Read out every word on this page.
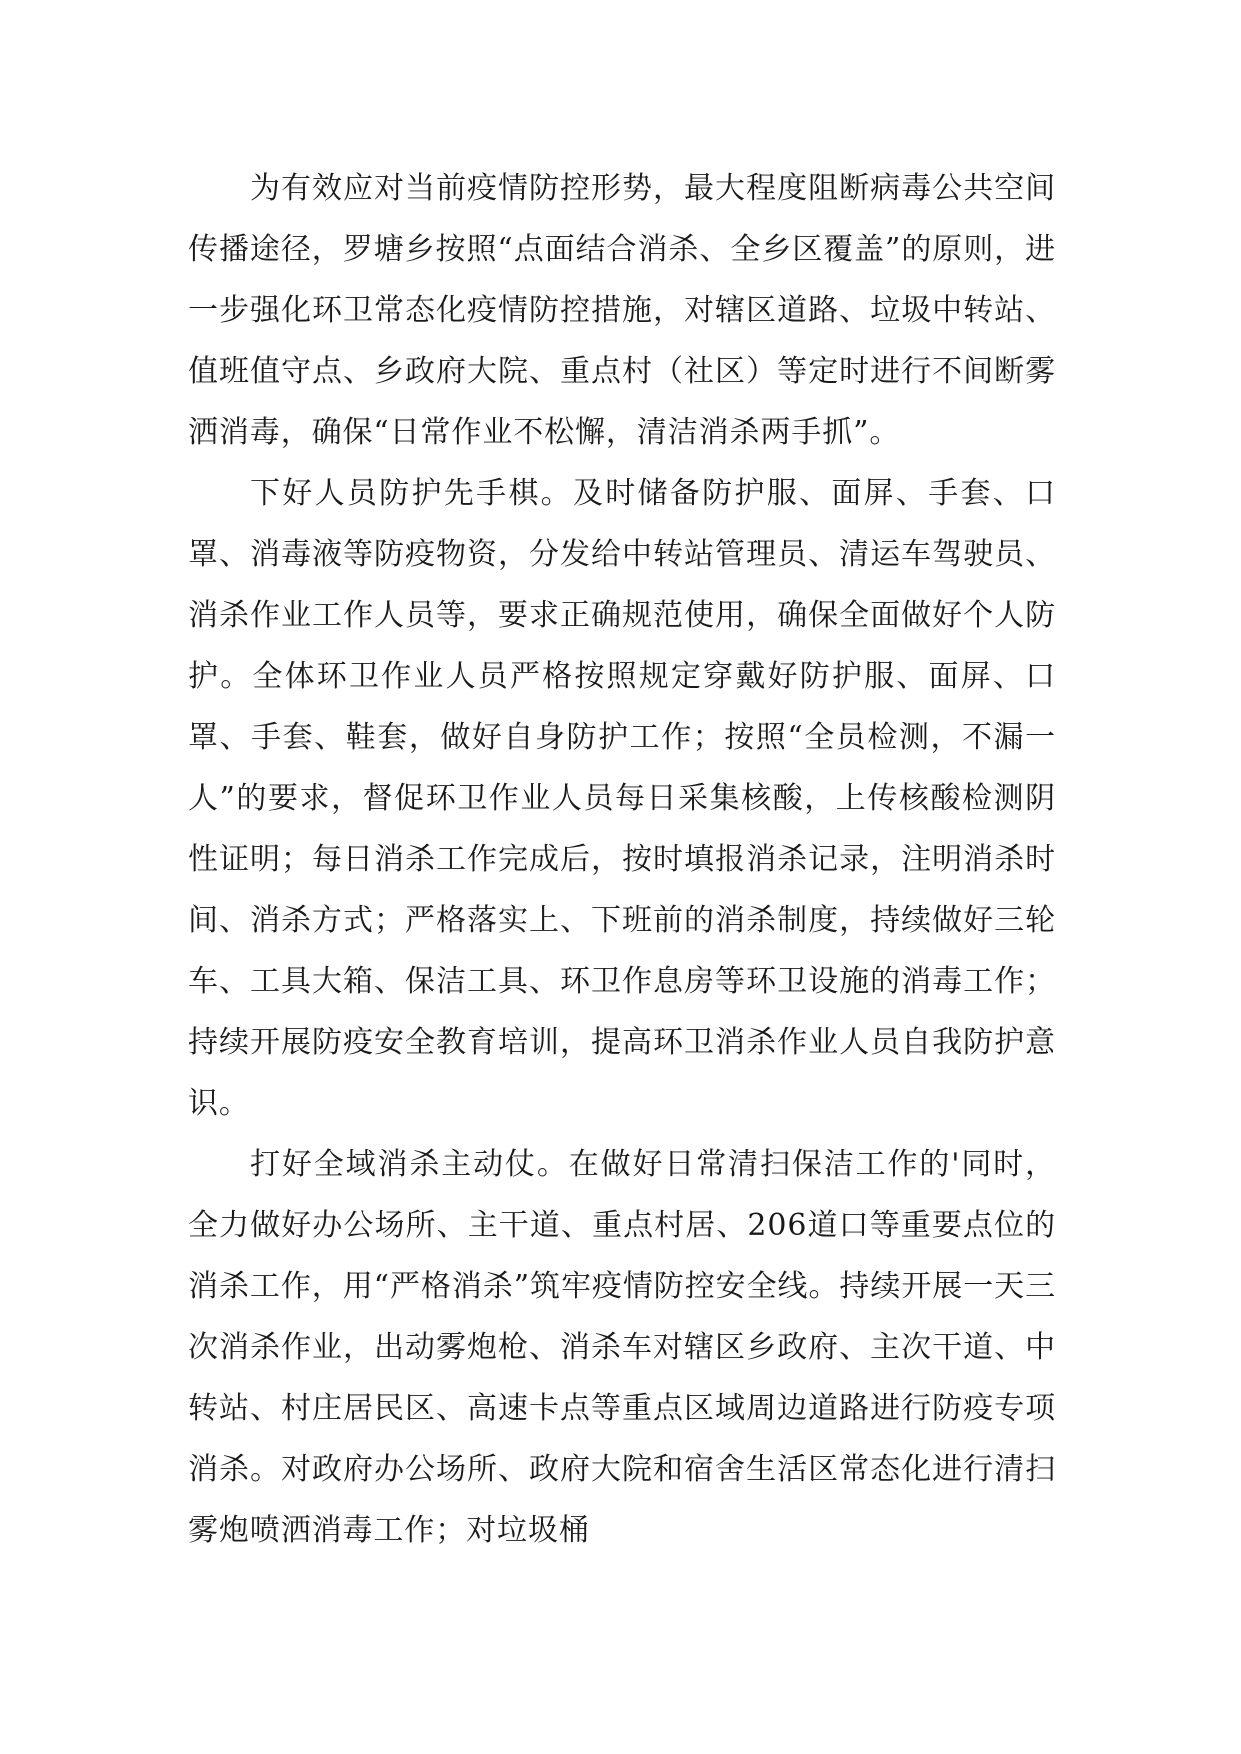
为有效应对当前疫情防控形势，最大程度阻断病毒公共空间传播途径，罗塘乡按照“点面结合消杀、全乡区覆盖”的原则，进一步强化环卫常态化疫情防控措施，对辖区道路、垃圾中转站、值班值守点、乡政府大院、重点村（社区）等定时进行不间断雾洒消毒，确保“日常作业不松懈，清洁消杀两手抓”。

下好人员防护先手棋。及时储备防护服、面屏、手套、口罩、消毒液等防疫物资，分发给中转站管理员、清运车驾驶员、消杀作业工作人员等，要求正确规范使用，确保全面做好个人防护。全体环卫作业人员严格按照规定穿戴好防护服、面屏、口罩、手套、鞋套，做好自身防护工作；按照“全员检测，不漏一人”的要求，督促环卫作业人员每日采集核酸，上传核酸检测阴性证明；每日消杀工作完成后，按时填报消杀记录，注明消杀时间、消杀方式；严格落实上、下班前的消杀制度，持续做好三轮车、工具大箱、保洁工具、环卫作息房等环卫设施的消毒工作；持续开展防疫安全教育培训，提高环卫消杀作业人员自我防护意识。

打好全域消杀主动仗。在做好日常清扫保洁工作的'同时，全力做好办公场所、主干道、重点村居、206道口等重要点位的消杀工作，用“严格消杀”筑牢疫情防控安全线。持续开展一天三次消杀作业，出动雾炮枪、消杀车对辖区乡政府、主次干道、中转站、村庄居民区、高速卡点等重点区域周边道路进行防疫专项消杀。对政府办公场所、政府大院和宿舍生活区常态化进行清扫雾炮喷洒消毒工作；对垃圾桶
